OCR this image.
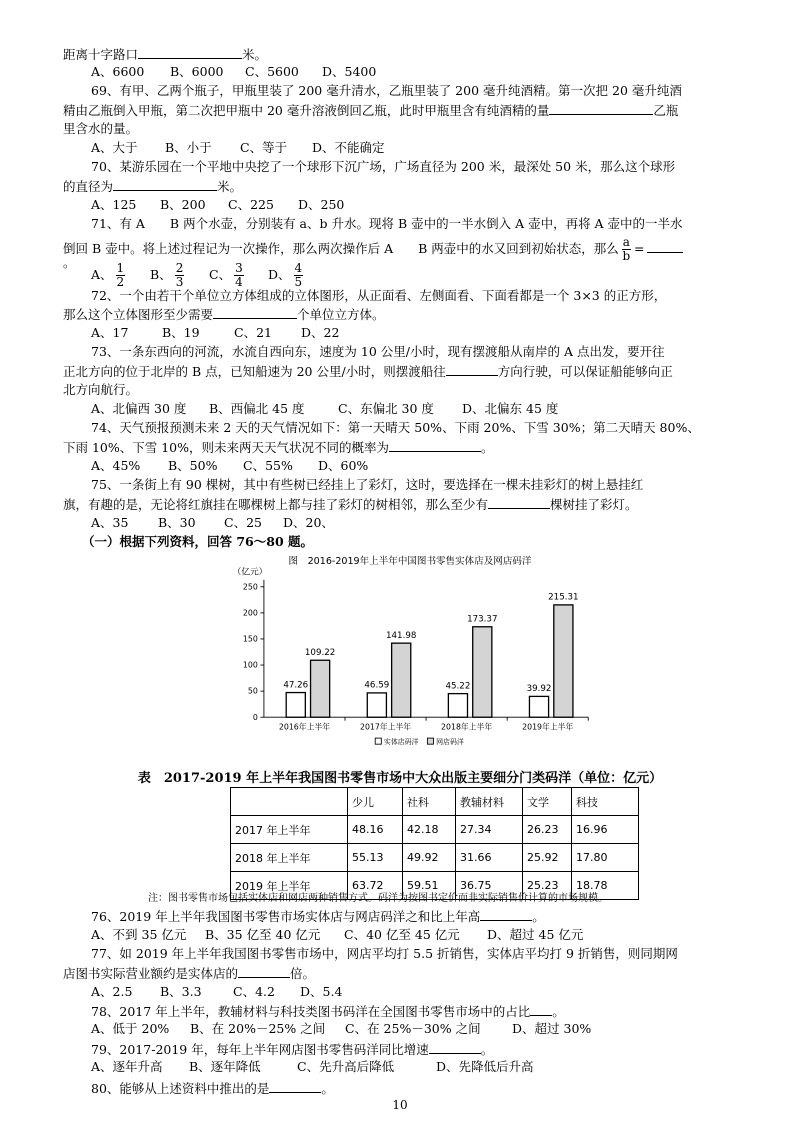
距离十字路口	米。
A、6600 B、6000 C、5600 D、5400
69、有甲、乙两个瓶子，甲瓶里装了 200 毫升清水，乙瓶里装了 200 毫升纯酒精。第一次把 20 毫升纯酒
精由乙瓶倒入甲瓶，第二次把甲瓶中 20 毫升溶液倒回乙瓶，此时甲瓶里含有纯酒精的量	乙瓶
里含水的量。
A、大于 B、小于 C、等于 D、不能确定
70、某游乐园在一个平地中央挖了一个球形下沉广场，广场直径为 200 米，最深处 50 米，那么这个球形
的直径为	米。
A、125 B、200 C、225 D、250
71、有 A　　B 两个水壶，分别装有 a、b 升水。现将 B 壶中的一半水倒入 A 壶中，再将 A 壶中的一半水
倒回 B 壶中。将上述过程记为一次操作，那么两次操作后 A　　B 两壶中的水又回到初始状态，那么 $\frac{a}{b}$ =
。
A、 $\frac{1}{2}$ B、 $\frac{2}{3}$ C、 $\frac{3}{4}$ D、 $\frac{4}{5}$
72、一个由若干个单位立方体组成的立体图形，从正面看、左侧面看、下面看都是一个 3×3 的正方形，
那么这个立体图形至少需要	个单位立方体。
A、17	B、19	C、21 D、22
73、一条东西向的河流，水流自西向东，速度为 10 公里/小时，现有摆渡船从南岸的 A 点出发，要开往
正北方向的位于北岸的 B 点，已知船速为 20 公里/小时，则摆渡船往	方向行驶，可以保证船能够向正
北方向航行。
A、北偏西 30 度 B、西偏北 45 度	C、东偏北 30 度 D、北偏东 45 度
74、天气预报预测未来 2 天的天气情况如下：第一天晴天 50%、下雨 20%、下雪 30%；第二天晴天 80%、
下雨 10%、下雪 10%，则未来两天天气状况不同的概率为	。
A、45% B、50% C、55% D、60%
75、一条街上有 90 棵树，其中有些树已经挂上了彩灯，这时，要选择在一棵未挂彩灯的树上悬挂红
旗，有趣的是，无论将红旗挂在哪棵树上都与挂了彩灯的树相邻，那么至少有	棵树挂了彩灯。
A、35 B、30 C、25 D、20、
（一）根据下列资料，回答 76～80 题。
图　2016-2019年上半年中国图书零售实体店及网店码洋
（亿元）
0
50
100
150
200
250
47.26
109.22
2016年上半年
46.59
141.98
2017年上半年
45.22
173.37
2018年上半年
39.92
215.31
2019年上半年
实体店码洋 网店码洋
表　2017-2019 年上半年我国图书零售市场中大众出版主要细分门类码洋（单位：亿元）
	少儿	社科	教辅材料	文学	科技
2017 年上半年	48.16	42.18	27.34	26.23	16.96
2018 年上半年	55.13	49.92	31.66	25.92	17.80
2019 年上半年	63.72	59.51	36.75	25.23	18.78
注：图书零售市场包括实体店和网店两种销售方式。码洋为按图书定价而非实际销售价计算的市场规模。
76、2019 年上半年我国图书零售市场实体店与网店码洋之和比上年高	。
A、不到 35 亿元 B、35 亿至 40 亿元 C、40 亿至 45 亿元 D、超过 45 亿元
77、如 2019 年上半年我国图书零售市场中，网店平均打 5.5 折销售，实体店平均打 9 折销售，则同期网
店图书实际营业额约是实体店的	倍。
A、2.5 B、3.3	C、4.2 D、5.4
78、2017 年上半年，教辅材料与科技类图书码洋在全国图书零售市场中的占比 。
A、低于 20% B、在 20%－25% 之间 C、在 25%－30% 之间	D、超过 30%
79、2017-2019 年，每年上半年网店图书零售码洋同比增速	。
A、逐年升高 B、逐年降低	C、先升高后降低	D、先降低后升高
10
80、能够从上述资料中推出的是	。
